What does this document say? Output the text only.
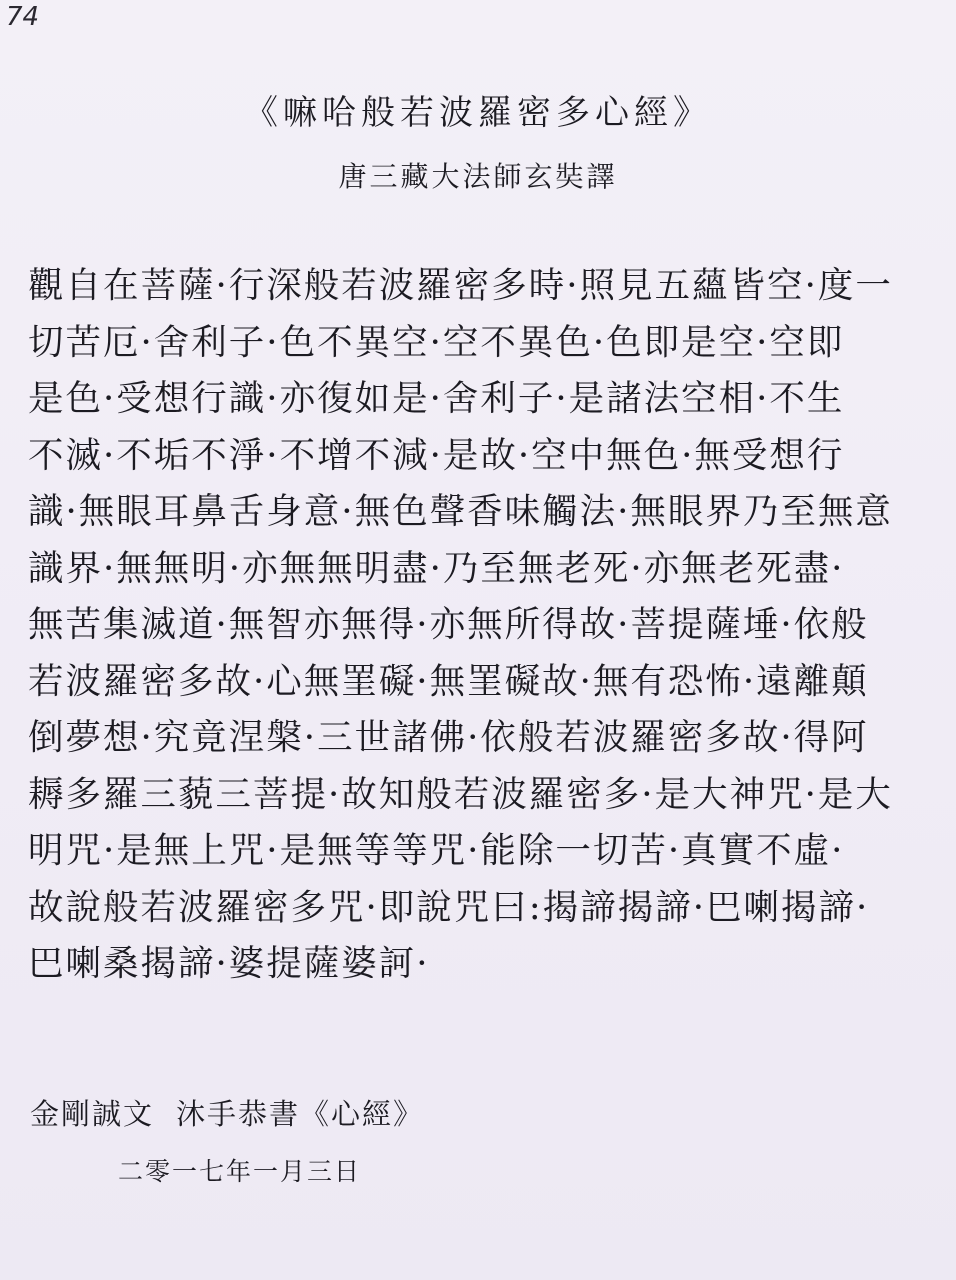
74
《嘛哈般若波羅密多心經》
唐三藏大法師玄奘譯
觀自在菩薩·行深般若波羅密多時·照見五蘊皆空·度一
切苦厄·舍利子·色不異空·空不異色·色即是空·空即
是色·受想行識·亦復如是·舍利子·是諸法空相·不生
不滅·不垢不淨·不增不減·是故·空中無色·無受想行
識·無眼耳鼻舌身意·無色聲香味觸法·無眼界乃至無意
識界·無無明·亦無無明盡·乃至無老死·亦無老死盡·
無苦集滅道·無智亦無得·亦無所得故·菩提薩埵·依般
若波羅密多故·心無罣礙·無罣礙故·無有恐怖·遠離顛
倒夢想·究竟涅槃·三世諸佛·依般若波羅密多故·得阿
耨多羅三藐三菩提·故知般若波羅密多·是大神咒·是大
明咒·是無上咒·是無等等咒·能除一切苦·真實不虛·
故說般若波羅密多咒·即說咒曰:揭諦揭諦·巴喇揭諦·
巴喇桑揭諦·婆提薩婆訶·
金剛誠文 沐手恭書《心經》
二零一七年一月三日
